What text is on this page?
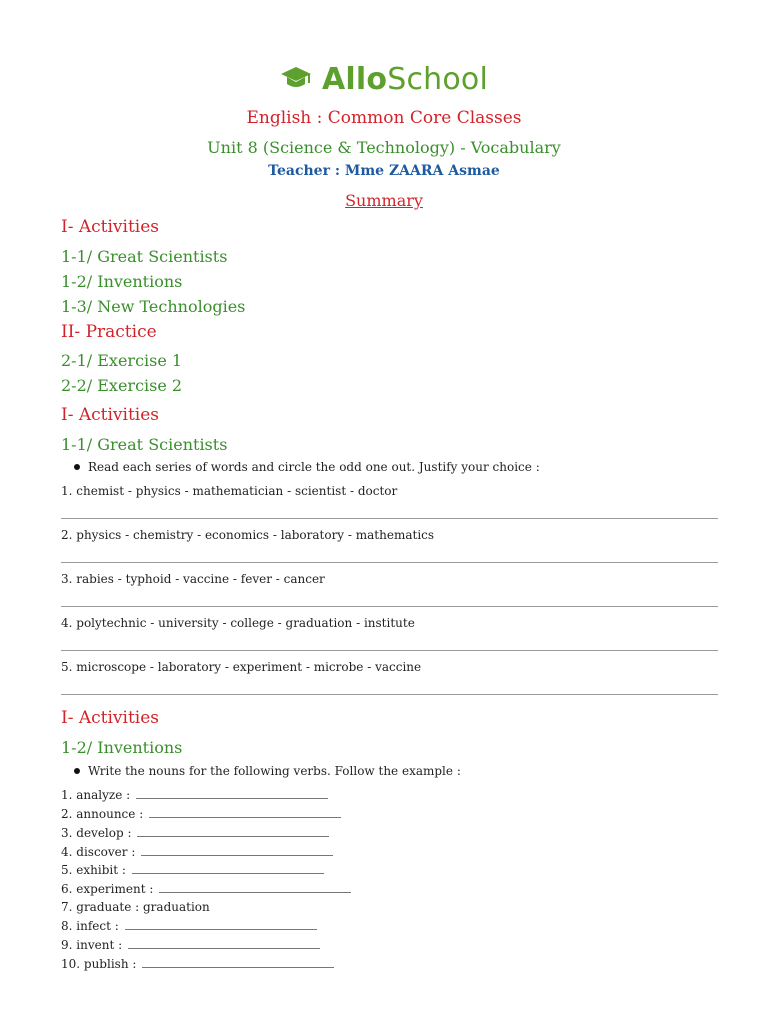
AlloSchool
English : Common Core Classes
Unit 8 (Science & Technology) - Vocabulary
Teacher : Mme ZAARA Asmae
Summary
I- Activities
1-1/ Great Scientists
1-2/ Inventions
1-3/ New Technologies
II- Practice
2-1/ Exercise 1
2-2/ Exercise 2
I- Activities
1-1/ Great Scientists
Read each series of words and circle the odd one out. Justify your choice :
1. chemist - physics - mathematician - scientist - doctor
2. physics - chemistry - economics - laboratory - mathematics
3. rabies - typhoid - vaccine - fever - cancer
4. polytechnic - university - college - graduation - institute
5. microscope - laboratory - experiment - microbe - vaccine
I- Activities
1-2/ Inventions
Write the nouns for the following verbs. Follow the example :
1. analyze :
2. announce :
3. develop :
4. discover :
5. exhibit :
6. experiment :
7. graduate : graduation
8. infect :
9. invent :
10. publish :
